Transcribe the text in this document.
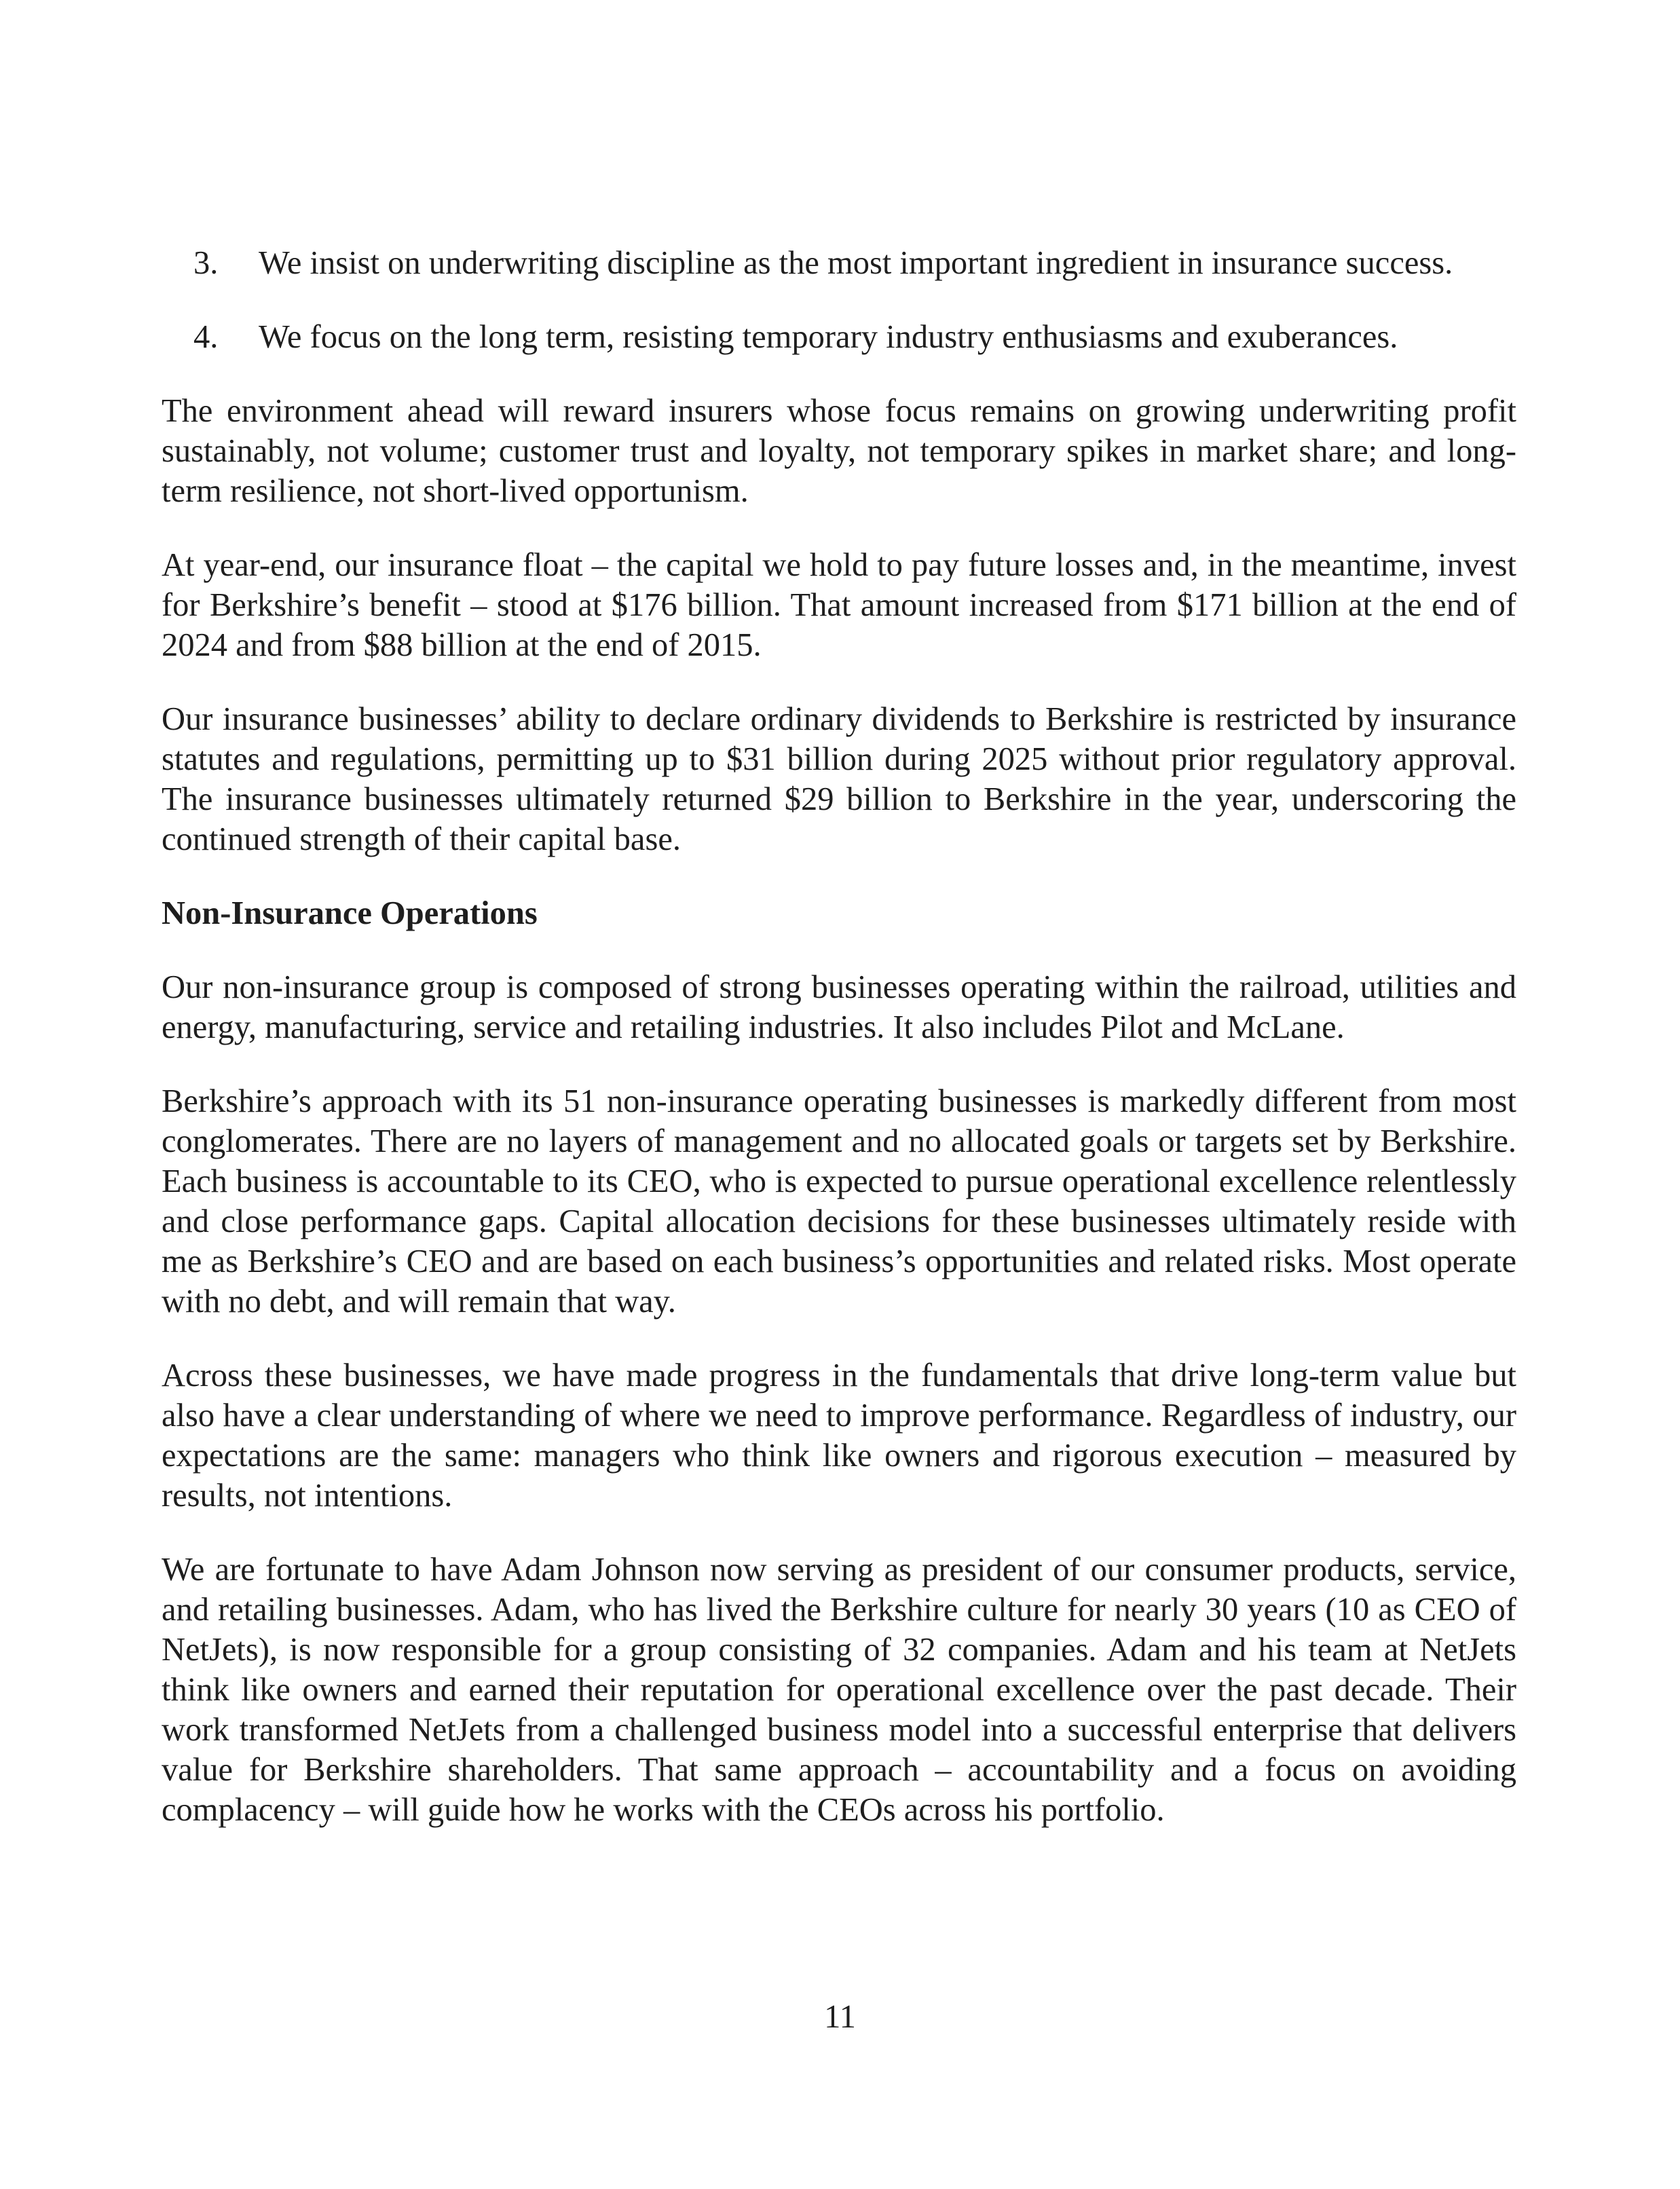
3.	We insist on underwriting discipline as the most important ingredient in insurance success.
4.	We focus on the long term, resisting temporary industry enthusiasms and exuberances.

The environment ahead will reward insurers whose focus remains on growing underwriting profit sustainably, not volume; customer trust and loyalty, not temporary spikes in market share; and long-term resilience, not short-lived opportunism.

At year-end, our insurance float – the capital we hold to pay future losses and, in the meantime, invest for Berkshire’s benefit – stood at $176 billion. That amount increased from $171 billion at the end of 2024 and from $88 billion at the end of 2015.

Our insurance businesses’ ability to declare ordinary dividends to Berkshire is restricted by insurance statutes and regulations, permitting up to $31 billion during 2025 without prior regulatory approval. The insurance businesses ultimately returned $29 billion to Berkshire in the year, underscoring the continued strength of their capital base.

Non-Insurance Operations

Our non-insurance group is composed of strong businesses operating within the railroad, utilities and energy, manufacturing, service and retailing industries. It also includes Pilot and McLane.

Berkshire’s approach with its 51 non-insurance operating businesses is markedly different from most conglomerates. There are no layers of management and no allocated goals or targets set by Berkshire. Each business is accountable to its CEO, who is expected to pursue operational excellence relentlessly and close performance gaps. Capital allocation decisions for these businesses ultimately reside with me as Berkshire’s CEO and are based on each business’s opportunities and related risks. Most operate with no debt, and will remain that way.

Across these businesses, we have made progress in the fundamentals that drive long-term value but also have a clear understanding of where we need to improve performance. Regardless of industry, our expectations are the same: managers who think like owners and rigorous execution – measured by results, not intentions.

We are fortunate to have Adam Johnson now serving as president of our consumer products, service, and retailing businesses. Adam, who has lived the Berkshire culture for nearly 30 years (10 as CEO of NetJets), is now responsible for a group consisting of 32 companies. Adam and his team at NetJets think like owners and earned their reputation for operational excellence over the past decade. Their work transformed NetJets from a challenged business model into a successful enterprise that delivers value for Berkshire shareholders. That same approach – accountability and a focus on avoiding complacency – will guide how he works with the CEOs across his portfolio.

11
